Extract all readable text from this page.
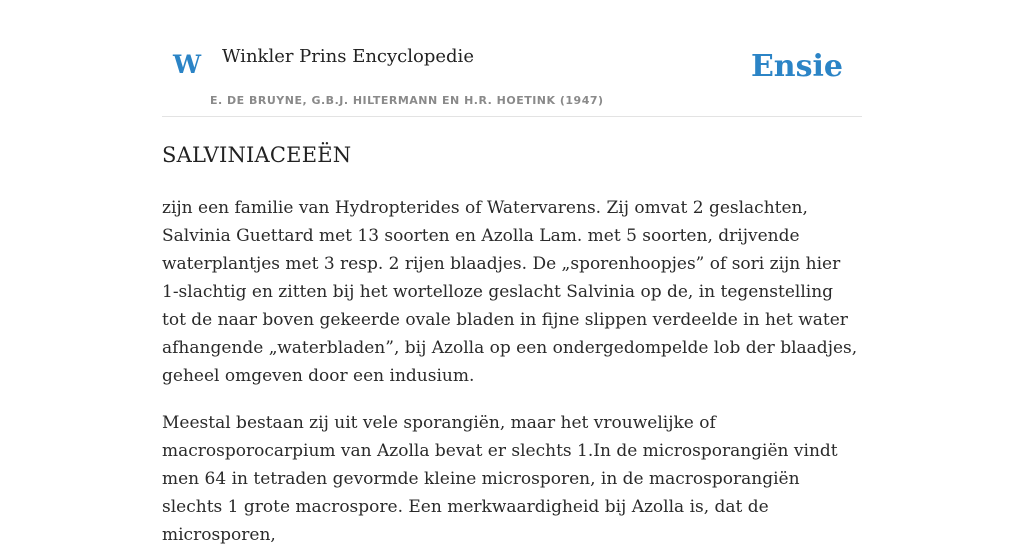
W Winkler Prins Encyclopedie
E. DE BRUYNE, G.B.J. HILTERMANN EN H.R. HOETINK (1947)
Ensie
SALVINIACEEËN

zijn een familie van Hydropterides of Watervarens. Zij omvat 2 geslachten, Salvinia Guettard met 13 soorten en Azolla Lam. met 5 soorten, drijvende waterplantjes met 3 resp. 2 rijen blaadjes. De „sporenhoopjes” of sori zijn hier 1-slachtig en zitten bij het wortelloze geslacht Salvinia op de, in tegenstelling tot de naar boven gekeerde ovale bladen in fijne slippen verdeelde in het water afhangende „waterbladen”, bij Azolla op een ondergedompelde lob der blaadjes, geheel omgeven door een indusium.

Meestal bestaan zij uit vele sporangiën, maar het vrouwelijke of macrosporocarpium van Azolla bevat er slechts 1.In de microsporangiën vindt men 64 in tetraden gevormde kleine microsporen, in de macrosporangiën slechts 1 grote macrospore. Een merkwaardigheid bij Azolla is, dat de microsporen,
